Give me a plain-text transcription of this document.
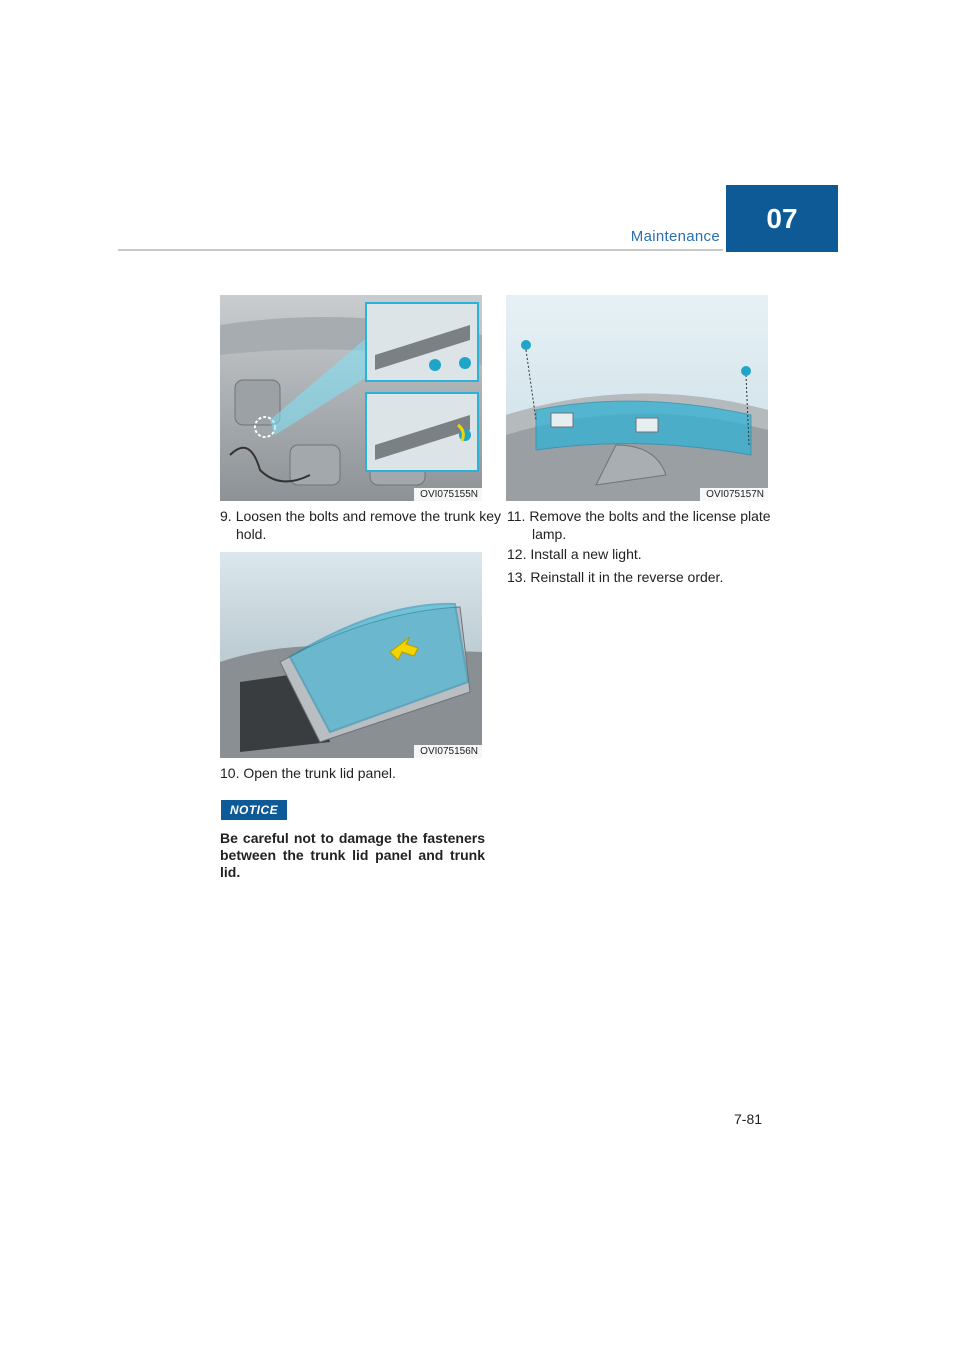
Maintenance
07
OVI075155N
9. Loosen the bolts and remove the trunk key hold.
OVI075156N
10. Open the trunk lid panel.
NOTICE
Be careful not to damage the fasteners between the trunk lid panel and trunk lid.
OVI075157N
11. Remove the bolts and the license plate lamp.
12. Install a new light.
13. Reinstall it in the reverse order.
7-81
